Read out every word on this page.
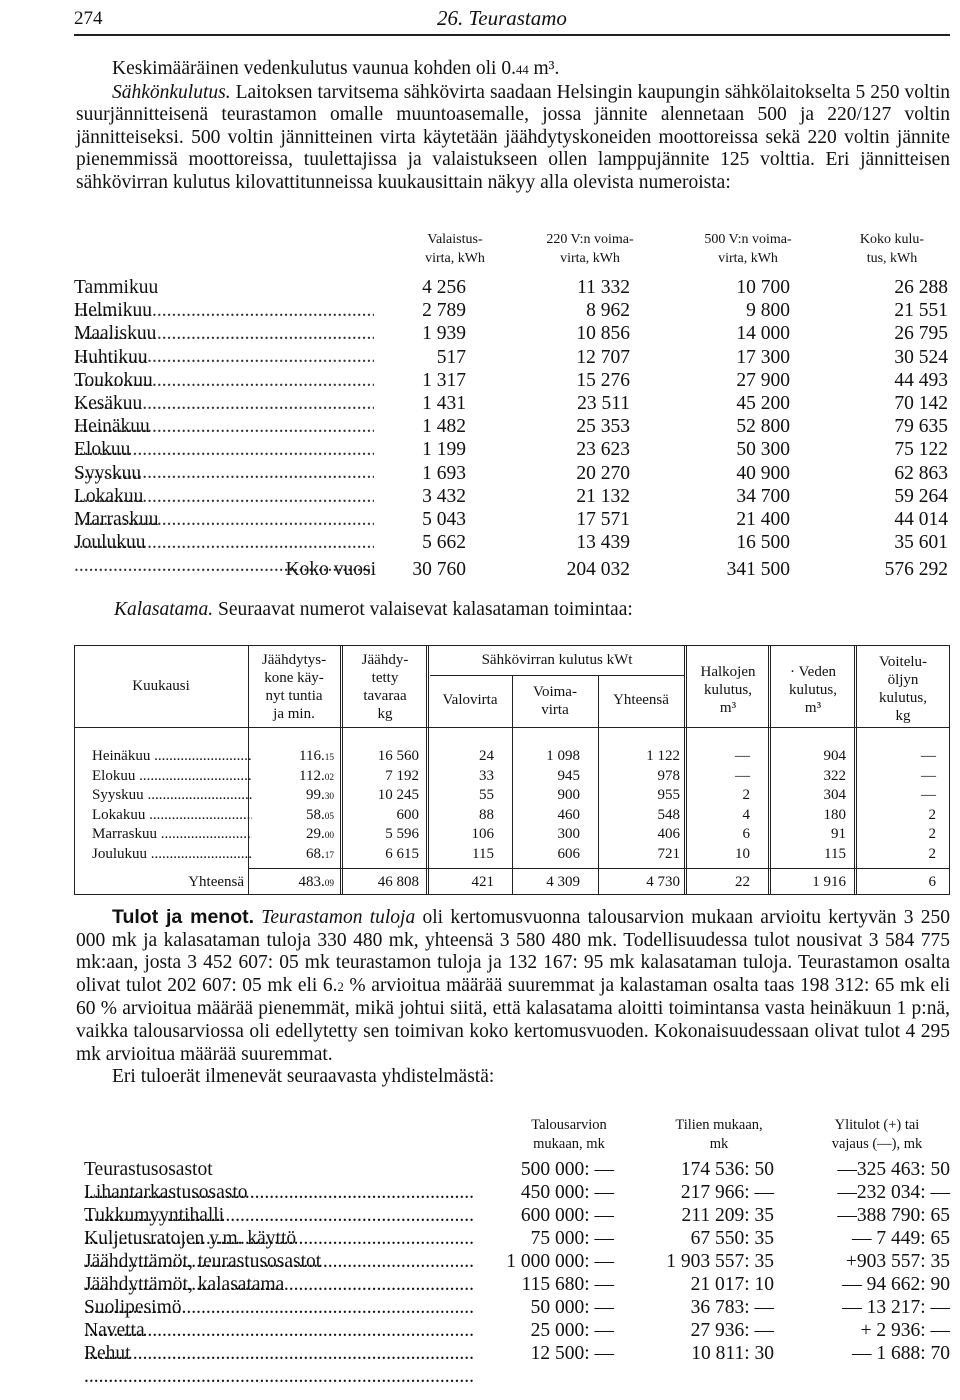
274	26. Teurastamo

Keskimääräinen vedenkulutus vaunua kohden oli 0.44 m³.

Sähkönkulutus. Laitoksen tarvitsema sähkövirta saadaan Helsingin kaupungin sähkölaitokselta 5 250 voltin suurjännitteisenä teurastamon omalle muuntoasemalle, jossa jännite alennetaan 500 ja 220/127 voltin jännitteiseksi. 500 voltin jännitteinen virta käytetään jäähdytyskoneiden moottoreissa sekä 220 voltin jännite pienemmissä moottoreissa, tuulettajissa ja valaistukseen ollen lamppujännite 125 volttia. Eri jännitteisen sähkövirran kulutus kilovattitunneissa kuukausittain näkyy alla olevista numeroista:

Valaistus-
virta, kWh
220 V:n voima-
virta, kWh
500 V:n voima-
virta, kWh
Koko kulu-
tus, kWh
Tammikuu .....	4 256	11 332	10 700	26 288
Helmikuu .....	2 789	8 962	9 800	21 551
Maaliskuu .....	1 939	10 856	14 000	26 795
Huhtikuu .....	517	12 707	17 300	30 524
Toukokuu .....	1 317	15 276	27 900	44 493
Kesäkuu .....	1 431	23 511	45 200	70 142
Heinäkuu .....	1 482	25 353	52 800	79 635
Elokuu .....	1 199	23 623	50 300	75 122
Syyskuu .....	1 693	20 270	40 900	62 863
Lokakuu .....	3 432	21 132	34 700	59 264
Marraskuu .....	5 043	17 571	21 400	44 014
Joulukuu .....	5 662	13 439	16 500	35 601
Koko vuosi	30 760	204 032	341 500	576 292
Kalasatama. Seuraavat numerot valaisevat kalasataman toimintaa:
Kuukausi
Jäähdytys-
kone käy-
nyt tuntia
ja min.
Jäähdy-
tetty
tavaraa
kg
Sähkövirran kulutus kWt
Valovirta	Voima-
virta
Yhteensä
Halkojen
kulutus,
m³
· Veden
kulutus,
m³
Voitelu-
öljyn
kulutus,
kg
Heinäkuu .....	116.15	16 560	24	1 098	1 122	—	904	—
Elokuu .....	112.02	7 192	33	945	978	—	322	—
Syyskuu .....	99.30	10 245	55	900	955	2	304	—
Lokakuu .....	58.05	600	88	460	548	4	180	2
Marraskuu .....	29.00	5 596	106	300	406	6	91	2
Joulukuu .....	68.17	6 615	115	606	721	10	115	2
Yhteensä	483.09	46 808	421	4 309	4 730	22	1 916	6

Tulot ja menot. Teurastamon tuloja oli kertomusvuonna talousarvion mukaan arvioitu kertyvän 3 250 000 mk ja kalasataman tuloja 330 480 mk, yhteensä 3 580 480 mk. Todellisuudessa tulot nousivat 3 584 775 mk:aan, josta 3 452 607: 05 mk teurastamon tuloja ja 132 167: 95 mk kalasataman tuloja. Teurastamon osalta olivat tulot 202 607: 05 mk eli 6.2 % arvioitua määrää suuremmat ja kalastaman osalta taas 198 312: 65 mk eli 60 % arvioitua määrää pienemmät, mikä johtui siitä, että kalasatama aloitti toimintansa vasta heinäkuun 1 p:nä, vaikka talousarviossa oli edellytetty sen toimivan koko kertomusvuoden. Kokonaisuudessaan olivat tulot 4 295 mk arvioitua määrää suuremmat.

Eri tuloerät ilmenevät seuraavasta yhdistelmästä:

Talousarvion
mukaan, mk
Tilien mukaan,
mk
Ylitulot (+) tai
vajaus (—), mk
Teurastusosastot .....	500 000: —	174 536: 50	—325 463: 50
Lihantarkastusosasto .....	450 000: —	217 966: —	—232 034: —
Tukkumyyntihalli .....	600 000: —	211 209: 35	—388 790: 65
Kuljetusratojen y.m. käyttö .....	75 000: —	67 550: 35	— 7 449: 65
Jäähdyttämöt, teurastusosastot .....	1 000 000: —	1 903 557: 35	+903 557: 35
Jäähdyttämöt, kalasatama .....	115 680: —	21 017: 10	— 94 662: 90
Suolipesimö .....	50 000: —	36 783: —	— 13 217: —
Navetta .....	25 000: —	27 936: —	+ 2 936: —
Rehut .....	12 500: —	10 811: 30	— 1 688: 70
